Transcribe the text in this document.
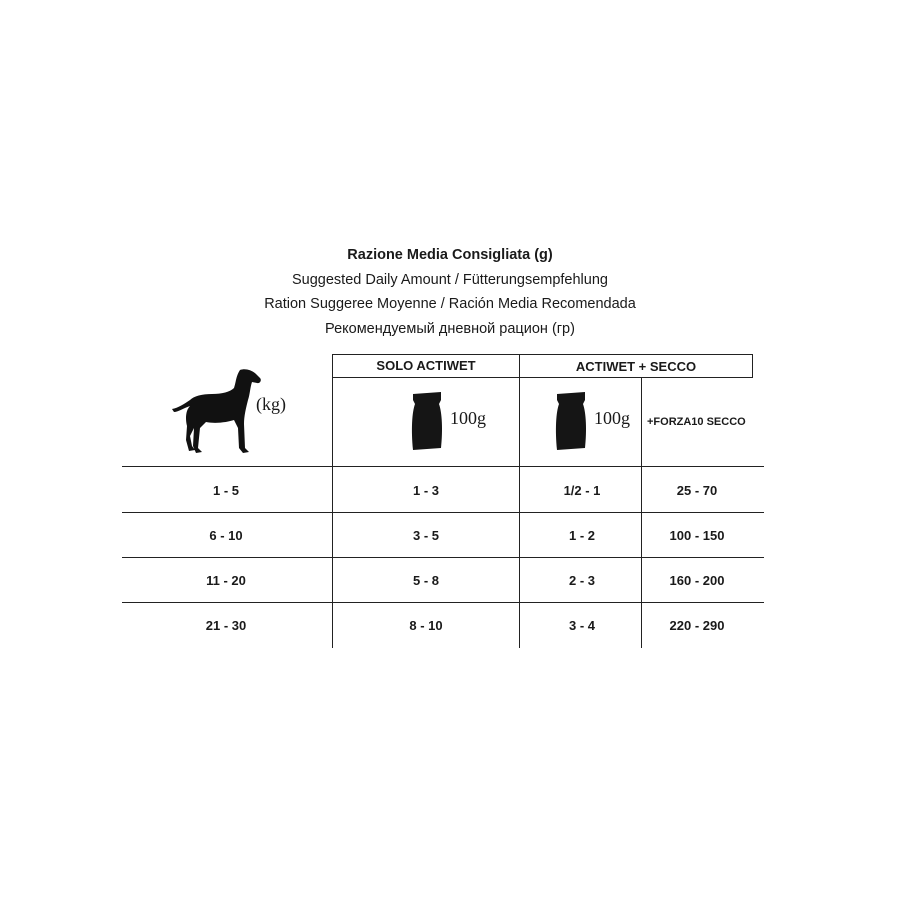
Razione Media Consigliata (g)
Suggested Daily Amount / Fütterungsempfehlung
Ration Suggeree Moyenne / Ración Media Recomendada
Рекомендуемый дневной рацион (гр)
SOLO ACTIWET	ACTIWET + SECCO
(kg)
100g	100g +FORZA10 SECCO
1 - 5	1 - 3	1/2 - 1	25 - 70
6 - 10	3 - 5	1 - 2	100 - 150
11 - 20	5 - 8	2 - 3	160 - 200
21 - 30	8 - 10	3 - 4	220 - 290
